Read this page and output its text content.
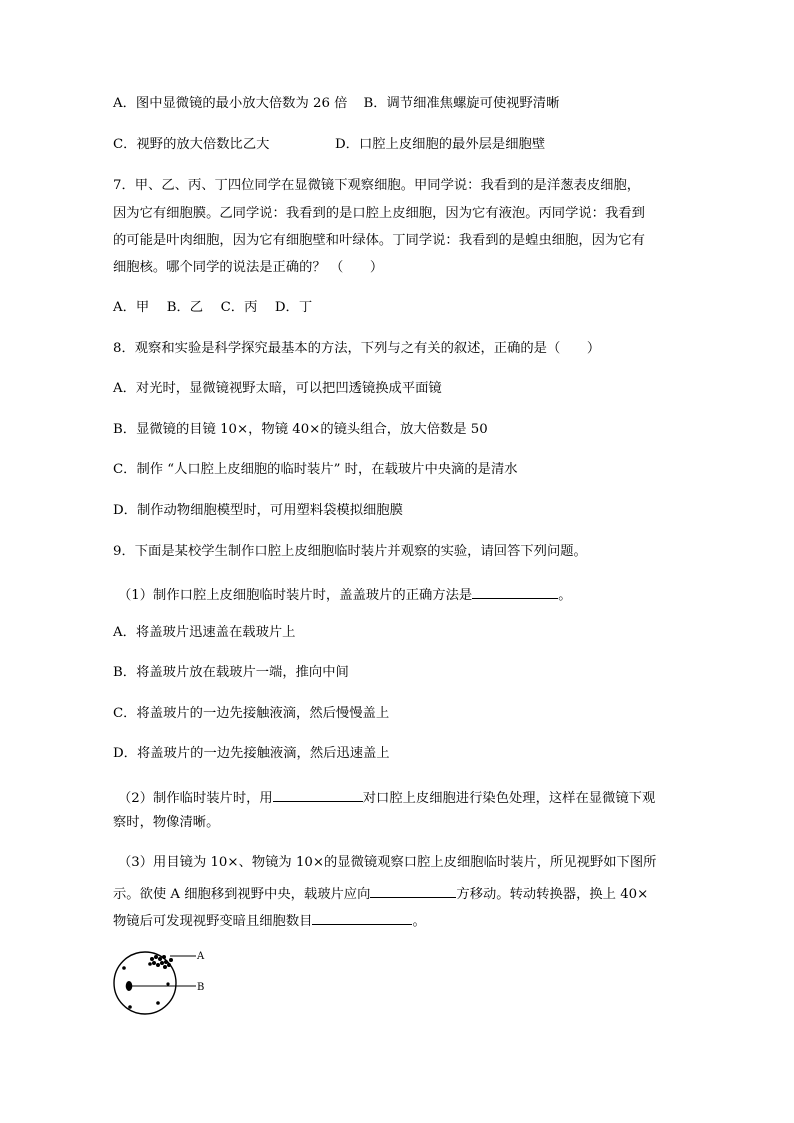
A．图中显微镜的最小放大倍数为 26 倍 B．调节细准焦螺旋可使视野清晰
C．视野的放大倍数比乙大	D．口腔上皮细胞的最外层是细胞壁
7．甲、乙、丙、丁四位同学在显微镜下观察细胞。甲同学说：我看到的是洋葱表皮细胞，
因为它有细胞膜。乙同学说：我看到的是口腔上皮细胞，因为它有液泡。丙同学说：我看到
的可能是叶肉细胞，因为它有细胞壁和叶绿体。丁同学说：我看到的是蝗虫细胞，因为它有
细胞核。哪个同学的说法是正确的？ （　　）
A．甲　 B．乙　 C．丙　 D．丁
8．观察和实验是科学探究最基本的方法，下列与之有关的叙述，正确的是（　　）
A．对光时，显微镜视野太暗，可以把凹透镜换成平面镜
B．显微镜的目镜 10×，物镜 40×的镜头组合，放大倍数是 50
C．制作 “人口腔上皮细胞的临时装片” 时，在载玻片中央滴的是清水
D．制作动物细胞模型时，可用塑料袋模拟细胞膜
9．下面是某校学生制作口腔上皮细胞临时装片并观察的实验，请回答下列问题。
（1）制作口腔上皮细胞临时装片时，盖盖玻片的正确方法是	。
A．将盖玻片迅速盖在载玻片上
B．将盖玻片放在载玻片一端，推向中间
C．将盖玻片的一边先接触液滴，然后慢慢盖上
D．将盖玻片的一边先接触液滴，然后迅速盖上
（2）制作临时装片时，用	对口腔上皮细胞进行染色处理，这样在显微镜下观
察时，物像清晰。
（3）用目镜为 10×、物镜为 10×的显微镜观察口腔上皮细胞临时装片，所见视野如下图所
示。欲使 A 细胞移到视野中央，载玻片应向	方移动。转动转换器，换上 40×
物镜后可发现视野变暗且细胞数目	。
A
B
